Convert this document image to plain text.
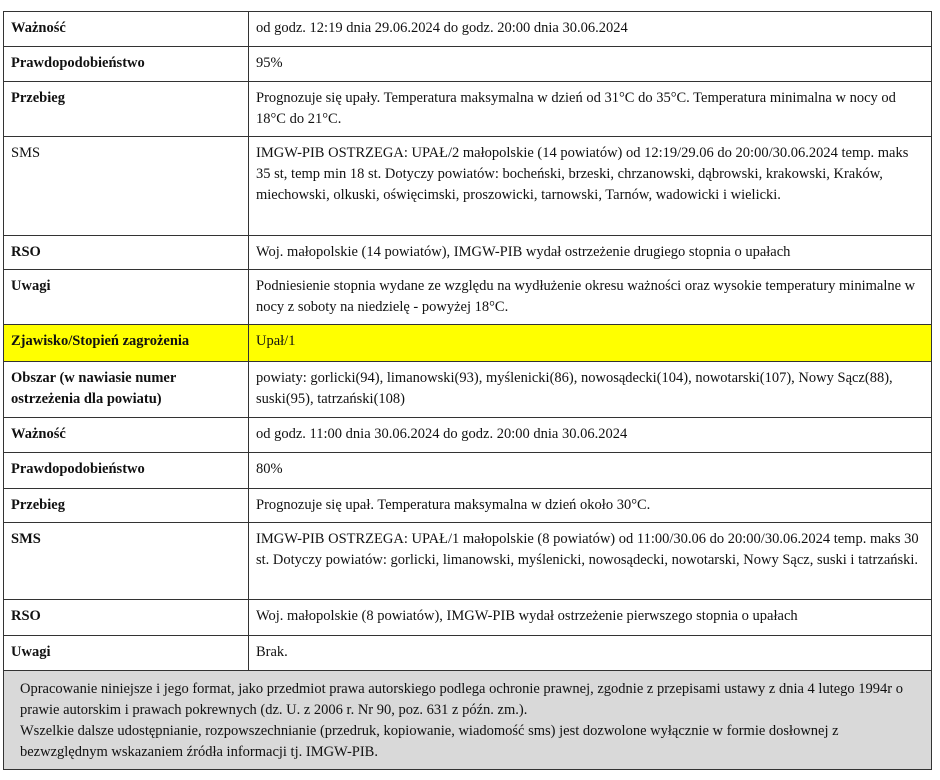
Ważność	od godz. 12:19 dnia 29.06.2024 do godz. 20:00 dnia 30.06.2024
Prawdopodobieństwo	95%
Przebieg	Prognozuje się upały. Temperatura maksymalna w dzień od 31°C do 35°C. Temperatura minimalna w nocy od 18°C do 21°C.
SMS	IMGW-PIB OSTRZEGA: UPAŁ/2 małopolskie (14 powiatów) od 12:19/29.06 do 20:00/30.06.2024 temp. maks 35 st, temp min 18 st. Dotyczy powiatów: bocheński, brzeski, chrzanowski, dąbrowski, krakowski, Kraków, miechowski, olkuski, oświęcimski, proszowicki, tarnowski, Tarnów, wadowicki i wielicki.
RSO	Woj. małopolskie (14 powiatów), IMGW-PIB wydał ostrzeżenie drugiego stopnia o upałach
Uwagi	Podniesienie stopnia wydane ze względu na wydłużenie okresu ważności oraz wysokie temperatury minimalne w nocy z soboty na niedzielę - powyżej 18°C.
Zjawisko/Stopień zagrożenia	Upał/1
Obszar (w nawiasie numer ostrzeżenia dla powiatu)	powiaty: gorlicki(94), limanowski(93), myślenicki(86), nowosądecki(104), nowotarski(107), Nowy Sącz(88), suski(95), tatrzański(108)
Ważność	od godz. 11:00 dnia 30.06.2024 do godz. 20:00 dnia 30.06.2024
Prawdopodobieństwo	80%
Przebieg	Prognozuje się upał. Temperatura maksymalna w dzień około 30°C.
SMS	IMGW-PIB OSTRZEGA: UPAŁ/1 małopolskie (8 powiatów) od 11:00/30.06 do 20:00/30.06.2024 temp. maks 30 st. Dotyczy powiatów: gorlicki, limanowski, myślenicki, nowosądecki, nowotarski, Nowy Sącz, suski i tatrzański.
RSO	Woj. małopolskie (8 powiatów), IMGW-PIB wydał ostrzeżenie pierwszego stopnia o upałach
Uwagi	Brak.

Opracowanie niniejsze i jego format, jako przedmiot prawa autorskiego podlega ochronie prawnej, zgodnie z przepisami ustawy z dnia 4 lutego 1994r o prawie autorskim i prawach pokrewnych (dz. U. z 2006 r. Nr 90, poz. 631 z późn. zm.).
Wszelkie dalsze udostępnianie, rozpowszechnianie (przedruk, kopiowanie, wiadomość sms) jest dozwolone wyłącznie w formie dosłownej z bezwzględnym wskazaniem źródła informacji tj. IMGW-PIB.	
